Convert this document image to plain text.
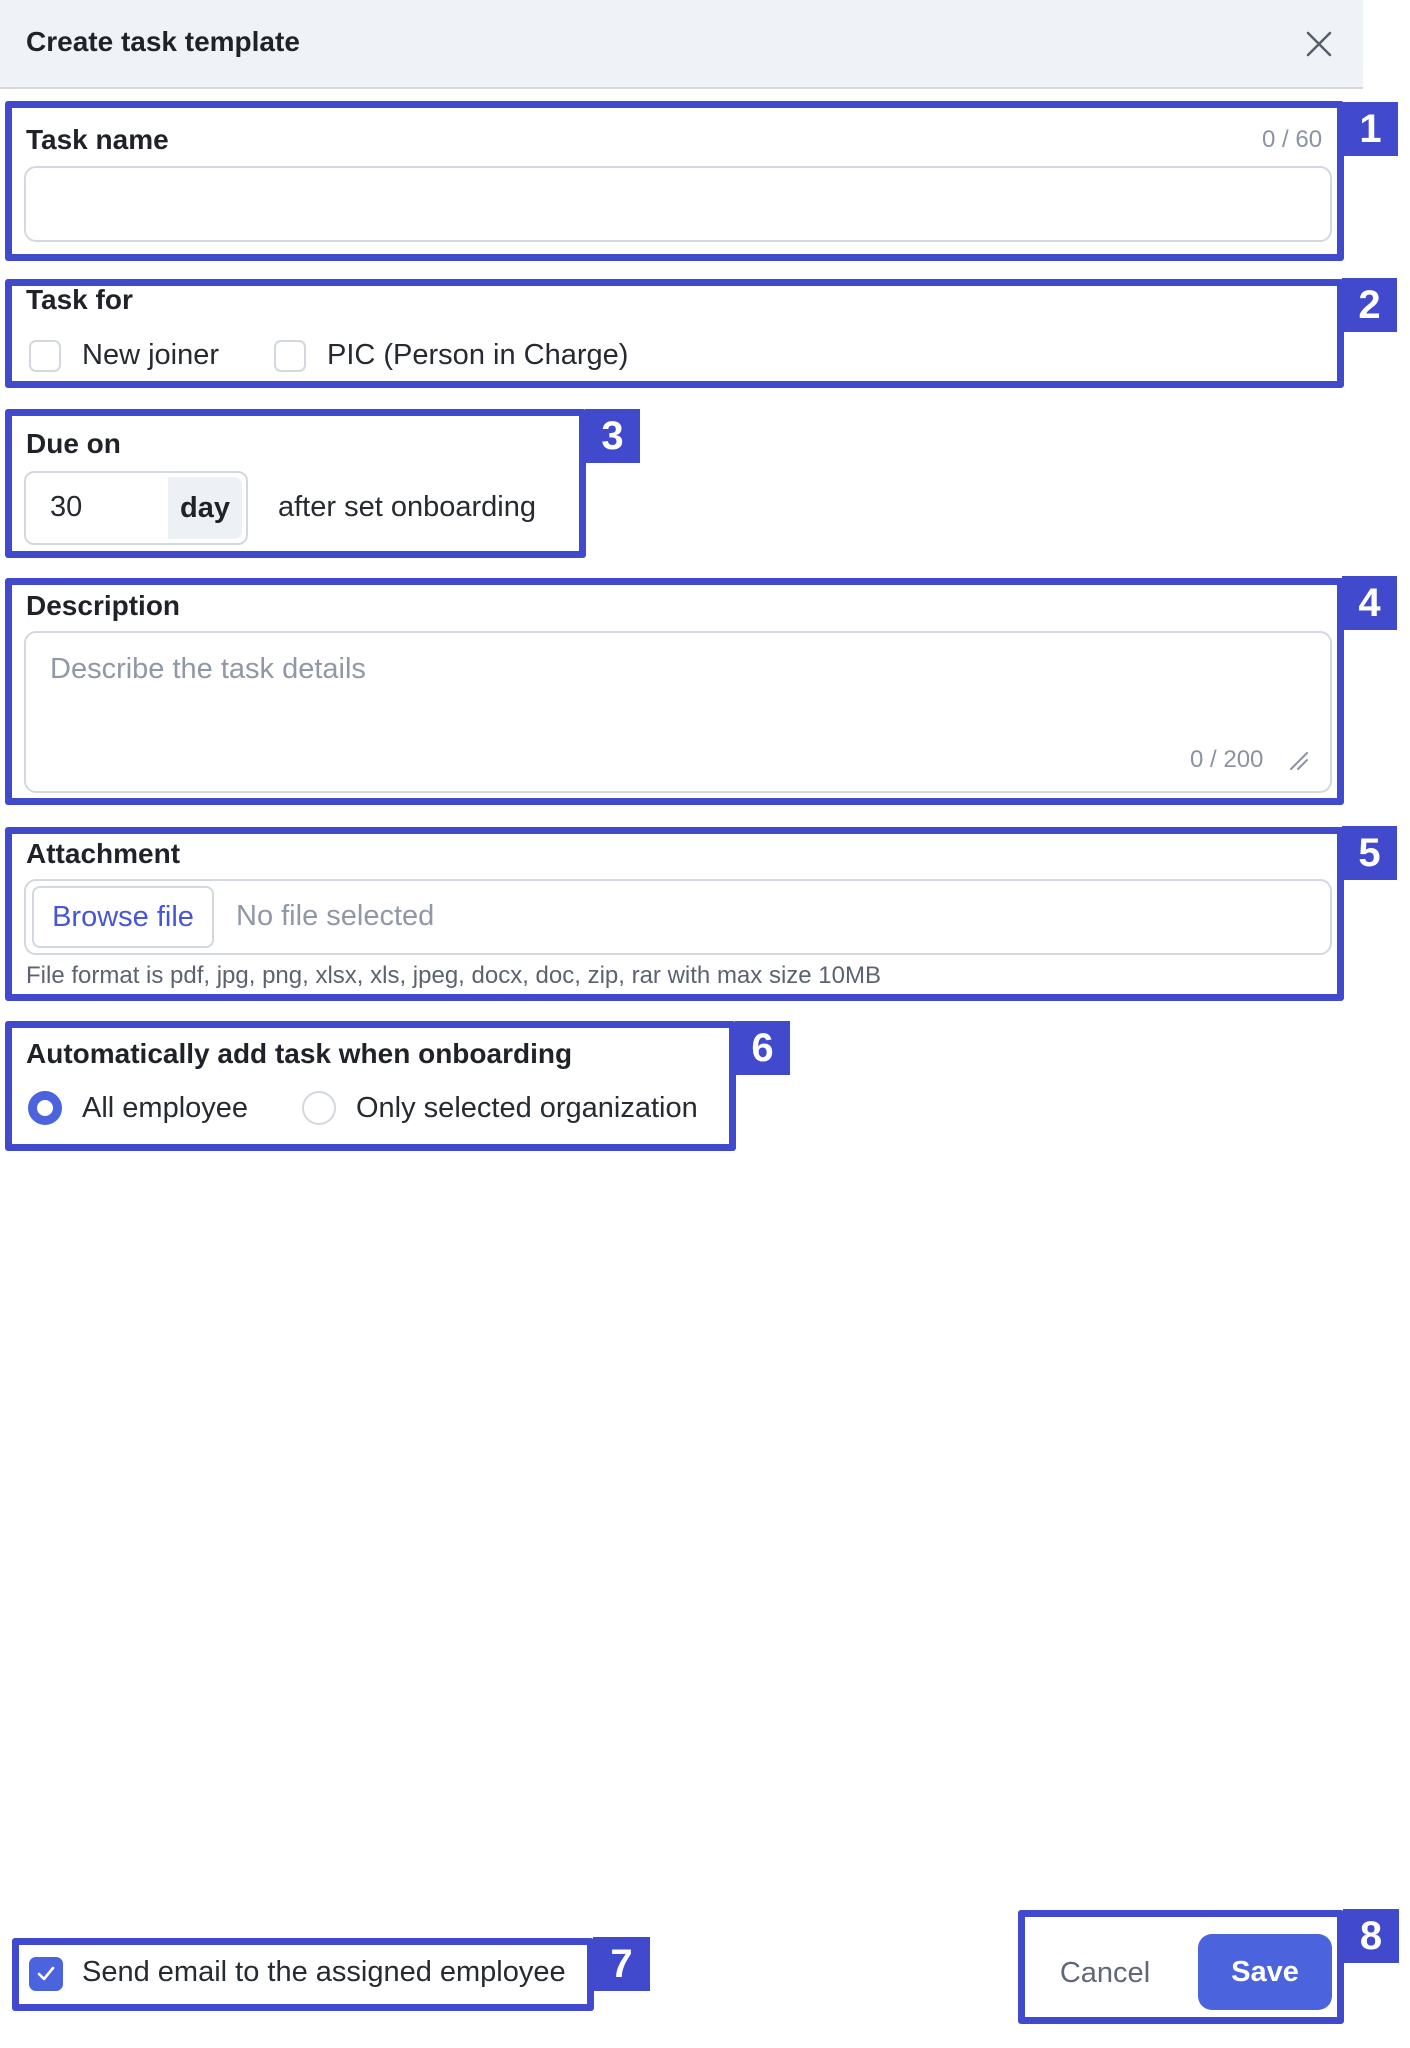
Create task template
1
Task name	0 / 60
2
Task for
New joiner	PIC (Person in Charge)
3
Due on
30	day	after set onboarding
4
Description
Describe the task details
0 / 200
5
Attachment
Browse file	No file selected
File format is pdf, jpg, png, xlsx, xls, jpeg, docx, doc, zip, rar with max size 10MB
6
Automatically add task when onboarding
All employee	Only selected organization
7
Send email to the assigned employee
8
Cancel	Save
